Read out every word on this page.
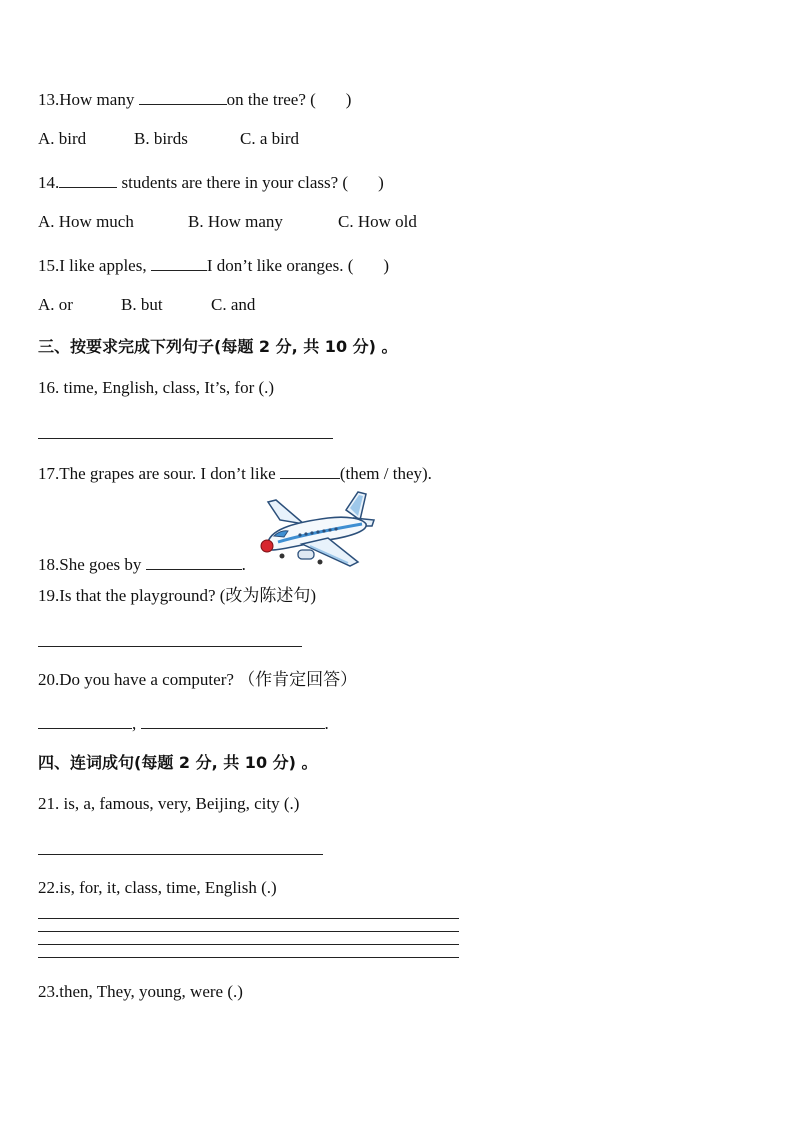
13.How many	on the tree? ( )
A. bird	B. birds	C. a bird
14.	students are there in your class? ( )
A. How much	B. How many	C. How old
15.I like apples,	I don’t like oranges. ( )
A. or	B. but	C. and
三、按要求完成下列句子(每题 2 分, 共 10 分) 。
16. time, English, class, It’s, for (.)
17.The grapes are sour. I don’t like	(them / they).
18.She goes by	.
19.Is that the playground? (改为陈述句)
20.Do you have a computer? （作肯定回答）
,	.
四、连词成句(每题 2 分, 共 10 分) 。
21. is, a, famous, very, Beijing, city (.)
22.is, for, it, class, time, English (.)
23.then, They, young, were (.)
